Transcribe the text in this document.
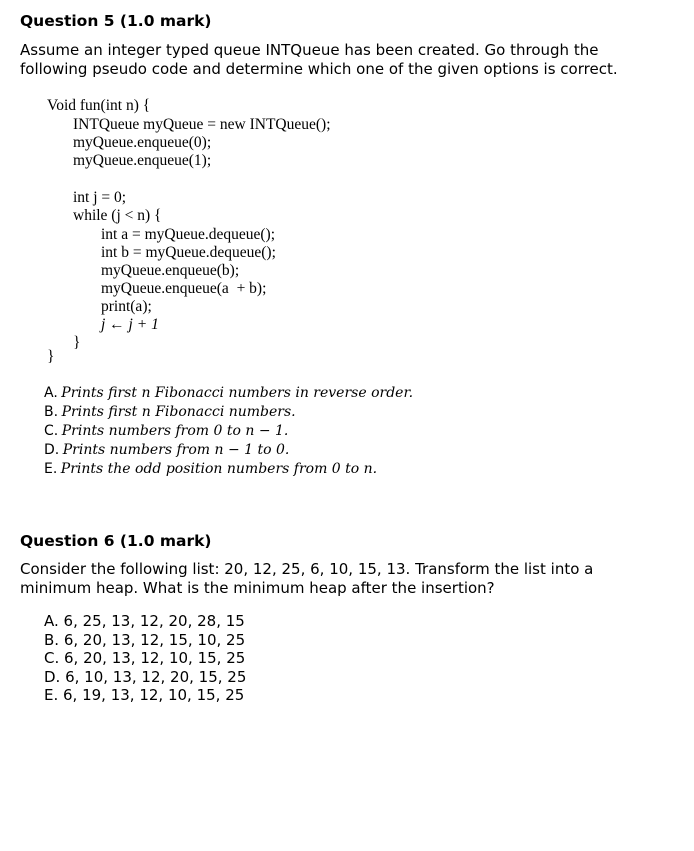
Question 5 (1.0 mark)
Assume an integer typed queue INTQueue has been created. Go through the following pseudo code and determine which one of the given options is correct.
Void fun(int n) {
INTQueue myQueue = new INTQueue();
myQueue.enqueue(0);
myQueue.enqueue(1);
int j = 0;
while (j < n) {
int a = myQueue.dequeue();
int b = myQueue.dequeue();
myQueue.enqueue(b);
myQueue.enqueue(a  + b);
print(a);
j ← j + 1
}
}
A. Prints first n Fibonacci numbers in reverse order.
B. Prints first n Fibonacci numbers.
C. Prints numbers from 0 to n − 1.
D. Prints numbers from n − 1 to 0.
E. Prints the odd position numbers from 0 to n.
Question 6 (1.0 mark)
Consider the following list: 20, 12, 25, 6, 10, 15, 13. Transform the list into a minimum heap. What is the minimum heap after the insertion?
A. 6, 25, 13, 12, 20, 28, 15
B. 6, 20, 13, 12, 15, 10, 25
C. 6, 20, 13, 12, 10, 15, 25
D. 6, 10, 13, 12, 20, 15, 25
E. 6, 19, 13, 12, 10, 15, 25
